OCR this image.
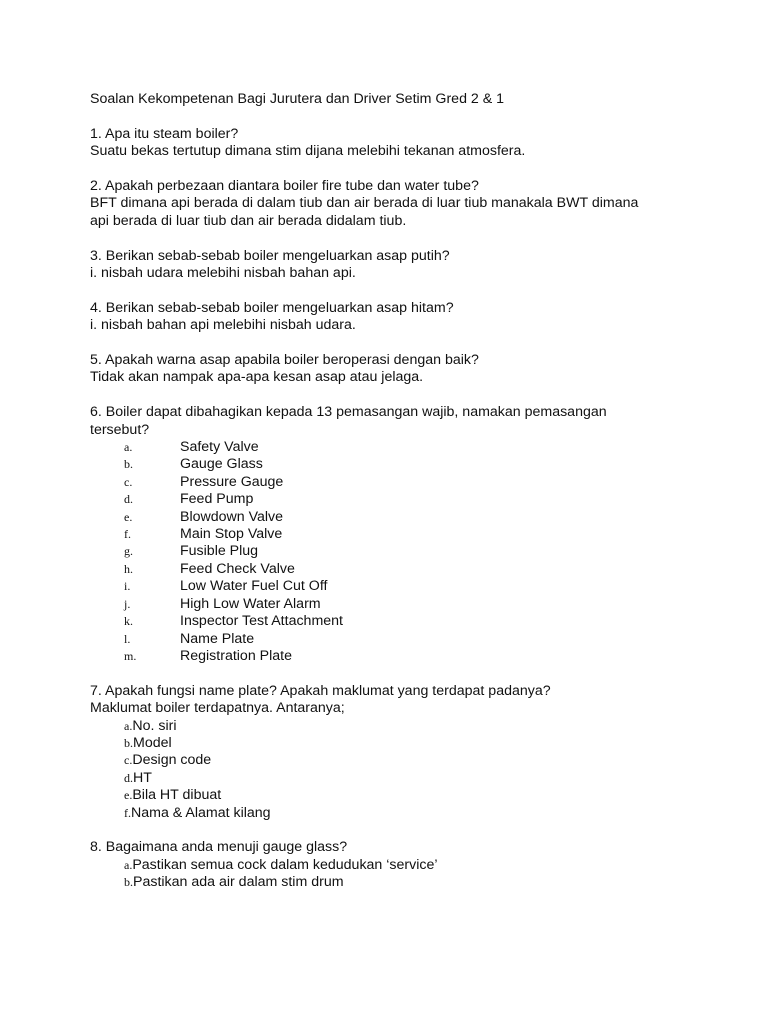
Soalan Kekompetenan Bagi Jurutera dan Driver Setim Gred 2 & 1

1. Apa itu steam boiler?

Suatu bekas tertutup dimana stim dijana melebihi tekanan atmosfera.

2. Apakah perbezaan diantara boiler fire tube dan water tube?

BFT dimana api berada di dalam tiub dan air berada di luar tiub manakala BWT dimana

api berada di luar tiub dan air berada didalam tiub.

3. Berikan sebab-sebab boiler mengeluarkan asap putih?

i. nisbah udara melebihi nisbah bahan api.

4. Berikan sebab-sebab boiler mengeluarkan asap hitam?

i. nisbah bahan api melebihi nisbah udara.

5. Apakah warna asap apabila boiler beroperasi dengan baik?

Tidak akan nampak apa-apa kesan asap atau jelaga.

6. Boiler dapat dibahagikan kepada 13 pemasangan wajib, namakan pemasangan

tersebut?

a.	Safety Valve
b.	Gauge Glass
c.	Pressure Gauge
d.	Feed Pump
e.	Blowdown Valve
f.	Main Stop Valve
g.	Fusible Plug
h.	Feed Check Valve
i.	Low Water Fuel Cut Off
j.	High Low Water Alarm
k.	Inspector Test Attachment
l.	Name Plate
m.	Registration Plate

7. Apakah fungsi name plate? Apakah maklumat yang terdapat padanya?

Maklumat boiler terdapatnya. Antaranya;

a. No. siri
b. Model
c. Design code
d. HT
e. Bila HT dibuat
f. Nama & Alamat kilang

8. Bagaimana anda menuji gauge glass?

a. Pastikan semua cock dalam kedudukan ‘service’
b. Pastikan ada air dalam stim drum
